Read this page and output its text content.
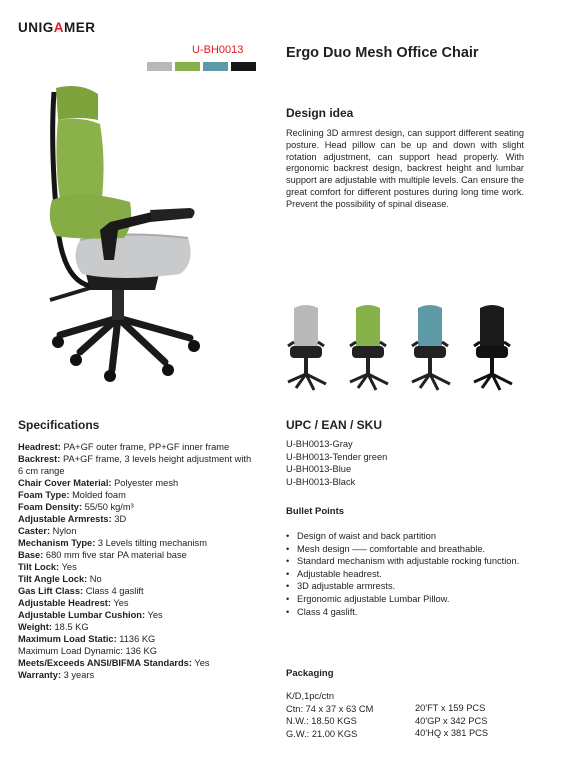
UNIGAMER
U-BH0013	Ergo Duo Mesh Office Chair
Design idea
Reclining 3D armrest design, can support different seating posture. Head pillow can be up and down with slight rotation adjustment, can support head properly. With ergonomic backrest design, backrest height and lumbar support are adjustable with multiple levels. Can ensure the great comfort for different postures during long time work. Prevent the possibility of spinal disease.
Specifications

Headrest: PA+GF outer frame, PP+GF inner frame

Backrest: PA+GF frame, 3 levels height adjustment with 6 cm range

Chair Cover Material: Polyester mesh

Foam Type: Molded foam

Foam Density: 55/50 kg/m³

Adjustable Armrests: 3D

Caster: Nylon

Mechanism Type: 3 Levels tilting mechanism

Base: 680 mm five star PA material base

Tilt Lock: Yes

Tilt Angle Lock: No

Gas Lift Class: Class 4 gaslift

Adjustable Headrest: Yes

Adjustable Lumbar Cushion: Yes

Weight: 18.5 KG

Maximum Load Static: 1136 KG

Maximum Load Dynamic: 136 KG

Meets/Exceeds ANSI/BIFMA Standards: Yes

Warranty: 3 years

UPC / EAN / SKU
U-BH0013-Gray
U-BH0013-Tender green
U-BH0013-Blue
U-BH0013-Black
Bullet Points
• Design of waist and back partition
• Mesh design —– comfortable and breathable.
• Standard mechanism with adjustable rocking function.
• Adjustable headrest.
• 3D adjustable armrests.
• Ergonomic adjustable Lumbar Pillow.
• Class 4 gaslift.
Packaging
K/D,1pc/ctn
Ctn: 74 x 37 x 63 CM
N.W.: 18.50 KGS
G.W.: 21.00 KGS
20'FT x 159 PCS
40'GP x 342 PCS
40'HQ x 381 PCS
